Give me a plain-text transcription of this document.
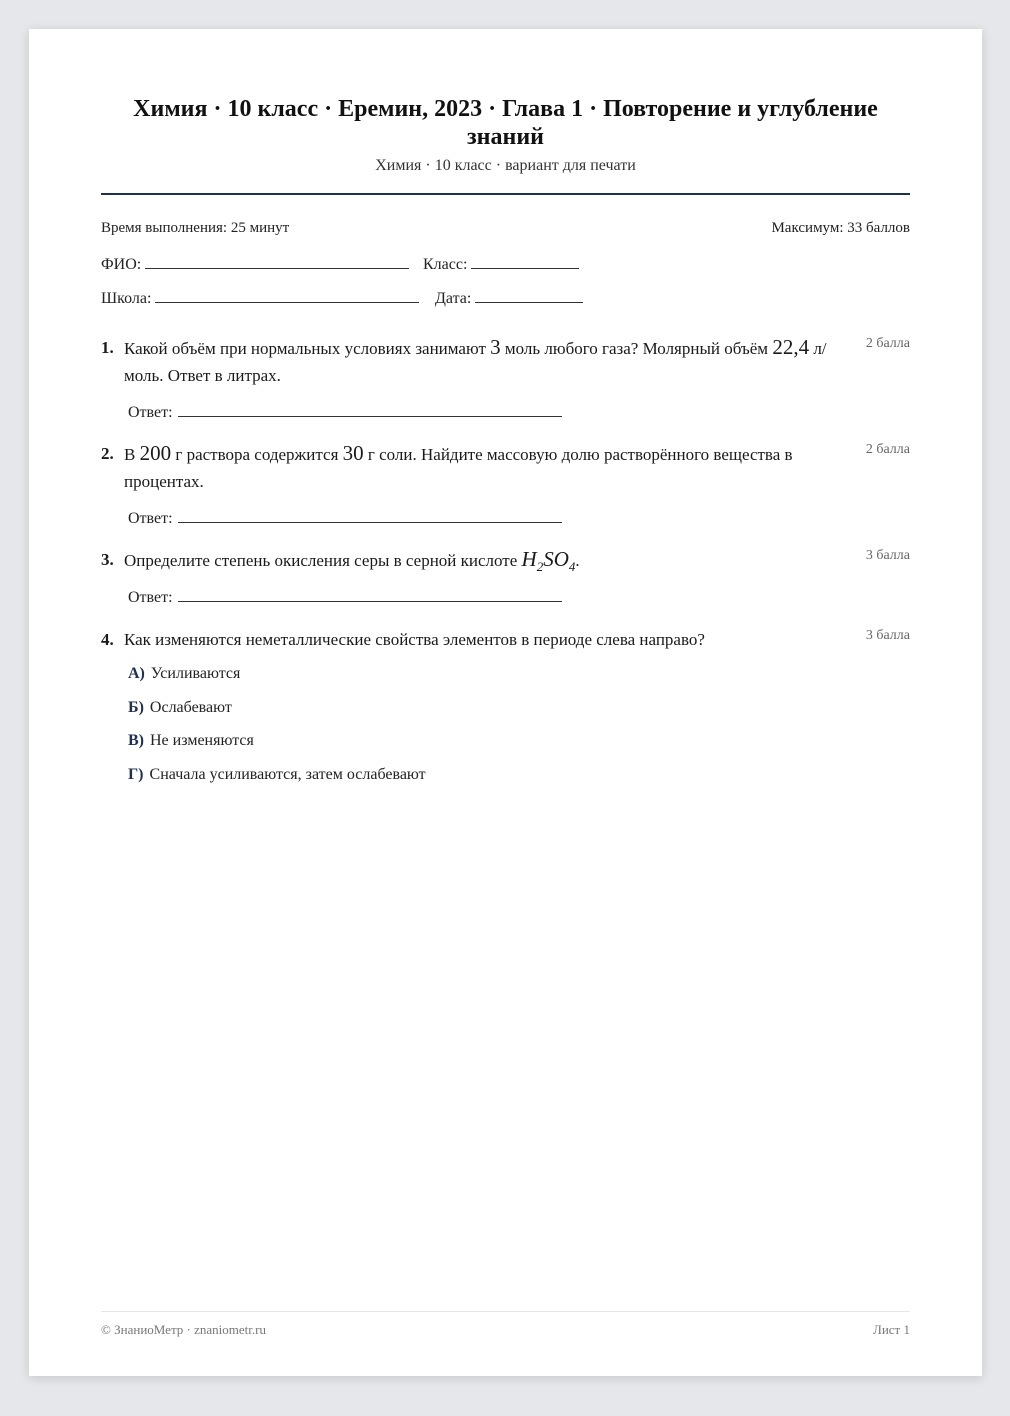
Химия · 10 класс · Еремин, 2023 · Глава 1 · Повторение и углубление знаний
Химия · 10 класс · вариант для печати
Время выполнения: 25 минут	Максимум: 33 баллов
ФИО:	Класс:
Школа:	Дата:
1. Какой объём при нормальных условиях занимают 3 моль любого газа? Молярный объём 22,4 л/моль. Ответ в литрах.
2 балла
Ответ:
2. В 200 г раствора содержится 30 г соли. Найдите массовую долю растворённого вещества в процентах.
2 балла
Ответ:
3. Определите степень окисления серы в серной кислоте $H_2SO_4$.	3 балла
Ответ:
4. Как изменяются неметаллические свойства элементов в периоде слева направо?	3 балла
А) Усиливаются
Б) Ослабевают
В) Не изменяются
Г) Сначала усиливаются, затем ослабевают
© ЗнаниоМетр · znaniometr.ru	Лист 1
